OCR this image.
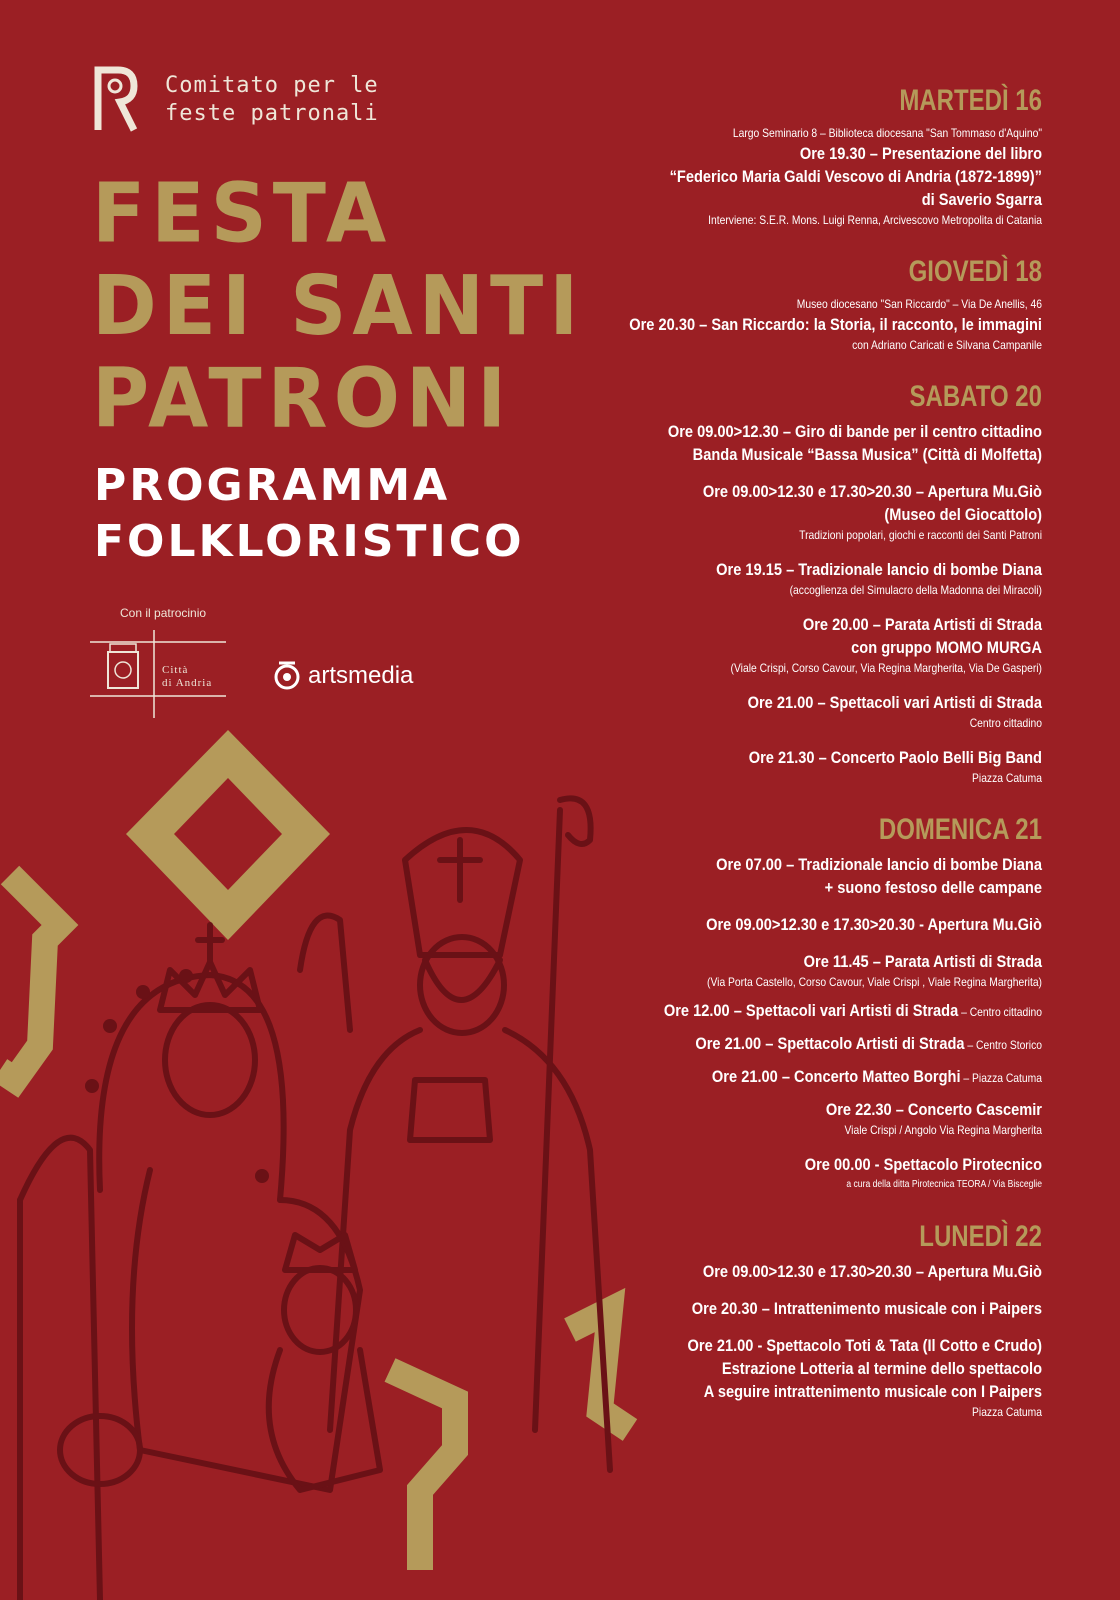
Comitato per le
feste patronali
FESTA
DEI SANTI
PATRONI
PROGRAMMA
FOLKLORISTICO
Con il patrocinio
Città
di Andria	artsmedia
MARTEDÌ 16
Largo Seminario 8 – Biblioteca diocesana "San Tommaso d'Aquino"
Ore 19.30 – Presentazione del libro
“Federico Maria Galdi Vescovo di Andria (1872-1899)”
di Saverio Sgarra
Interviene: S.E.R. Mons. Luigi Renna, Arcivescovo Metropolita di Catania
GIOVEDÌ 18
Museo diocesano "San Riccardo" – Via De Anellis, 46
Ore 20.30 – San Riccardo: la Storia, il racconto, le immagini
con Adriano Caricati e Silvana Campanile
SABATO 20
Ore 09.00>12.30 – Giro di bande per il centro cittadino
Banda Musicale “Bassa Musica” (Città di Molfetta)
Ore 09.00>12.30 e 17.30>20.30 – Apertura Mu.Giò
(Museo del Giocattolo)
Tradizioni popolari, giochi e racconti dei Santi Patroni
Ore 19.15 – Tradizionale lancio di bombe Diana
(accoglienza del Simulacro della Madonna dei Miracoli)
Ore 20.00 – Parata Artisti di Strada
con gruppo MOMO MURGA
(Viale Crispi, Corso Cavour, Via Regina Margherita, Via De Gasperi)
Ore 21.00 – Spettacoli vari Artisti di Strada
Centro cittadino
Ore 21.30 – Concerto Paolo Belli Big Band
Piazza Catuma
DOMENICA 21
Ore 07.00 – Tradizionale lancio di bombe Diana
+ suono festoso delle campane
Ore 09.00>12.30 e 17.30>20.30 - Apertura Mu.Giò
Ore 11.45 – Parata Artisti di Strada
(Via Porta Castello, Corso Cavour, Viale Crispi , Viale Regina Margherita)
Ore 12.00 – Spettacoli vari Artisti di Strada – Centro cittadino
Ore 21.00 – Spettacolo Artisti di Strada – Centro Storico
Ore 21.00 – Concerto Matteo Borghi – Piazza Catuma
Ore 22.30 – Concerto Cascemir
Viale Crispi / Angolo Via Regina Margherita
Ore 00.00 - Spettacolo Pirotecnico
a cura della ditta Pirotecnica TEORA / Via Bisceglie
LUNEDÌ 22
Ore 09.00>12.30 e 17.30>20.30 – Apertura Mu.Giò
Ore 20.30 – Intrattenimento musicale con i Paipers
Ore 21.00 - Spettacolo Toti & Tata (Il Cotto e Crudo)
Estrazione Lotteria al termine dello spettacolo
A seguire intrattenimento musicale con I Paipers
Piazza Catuma
